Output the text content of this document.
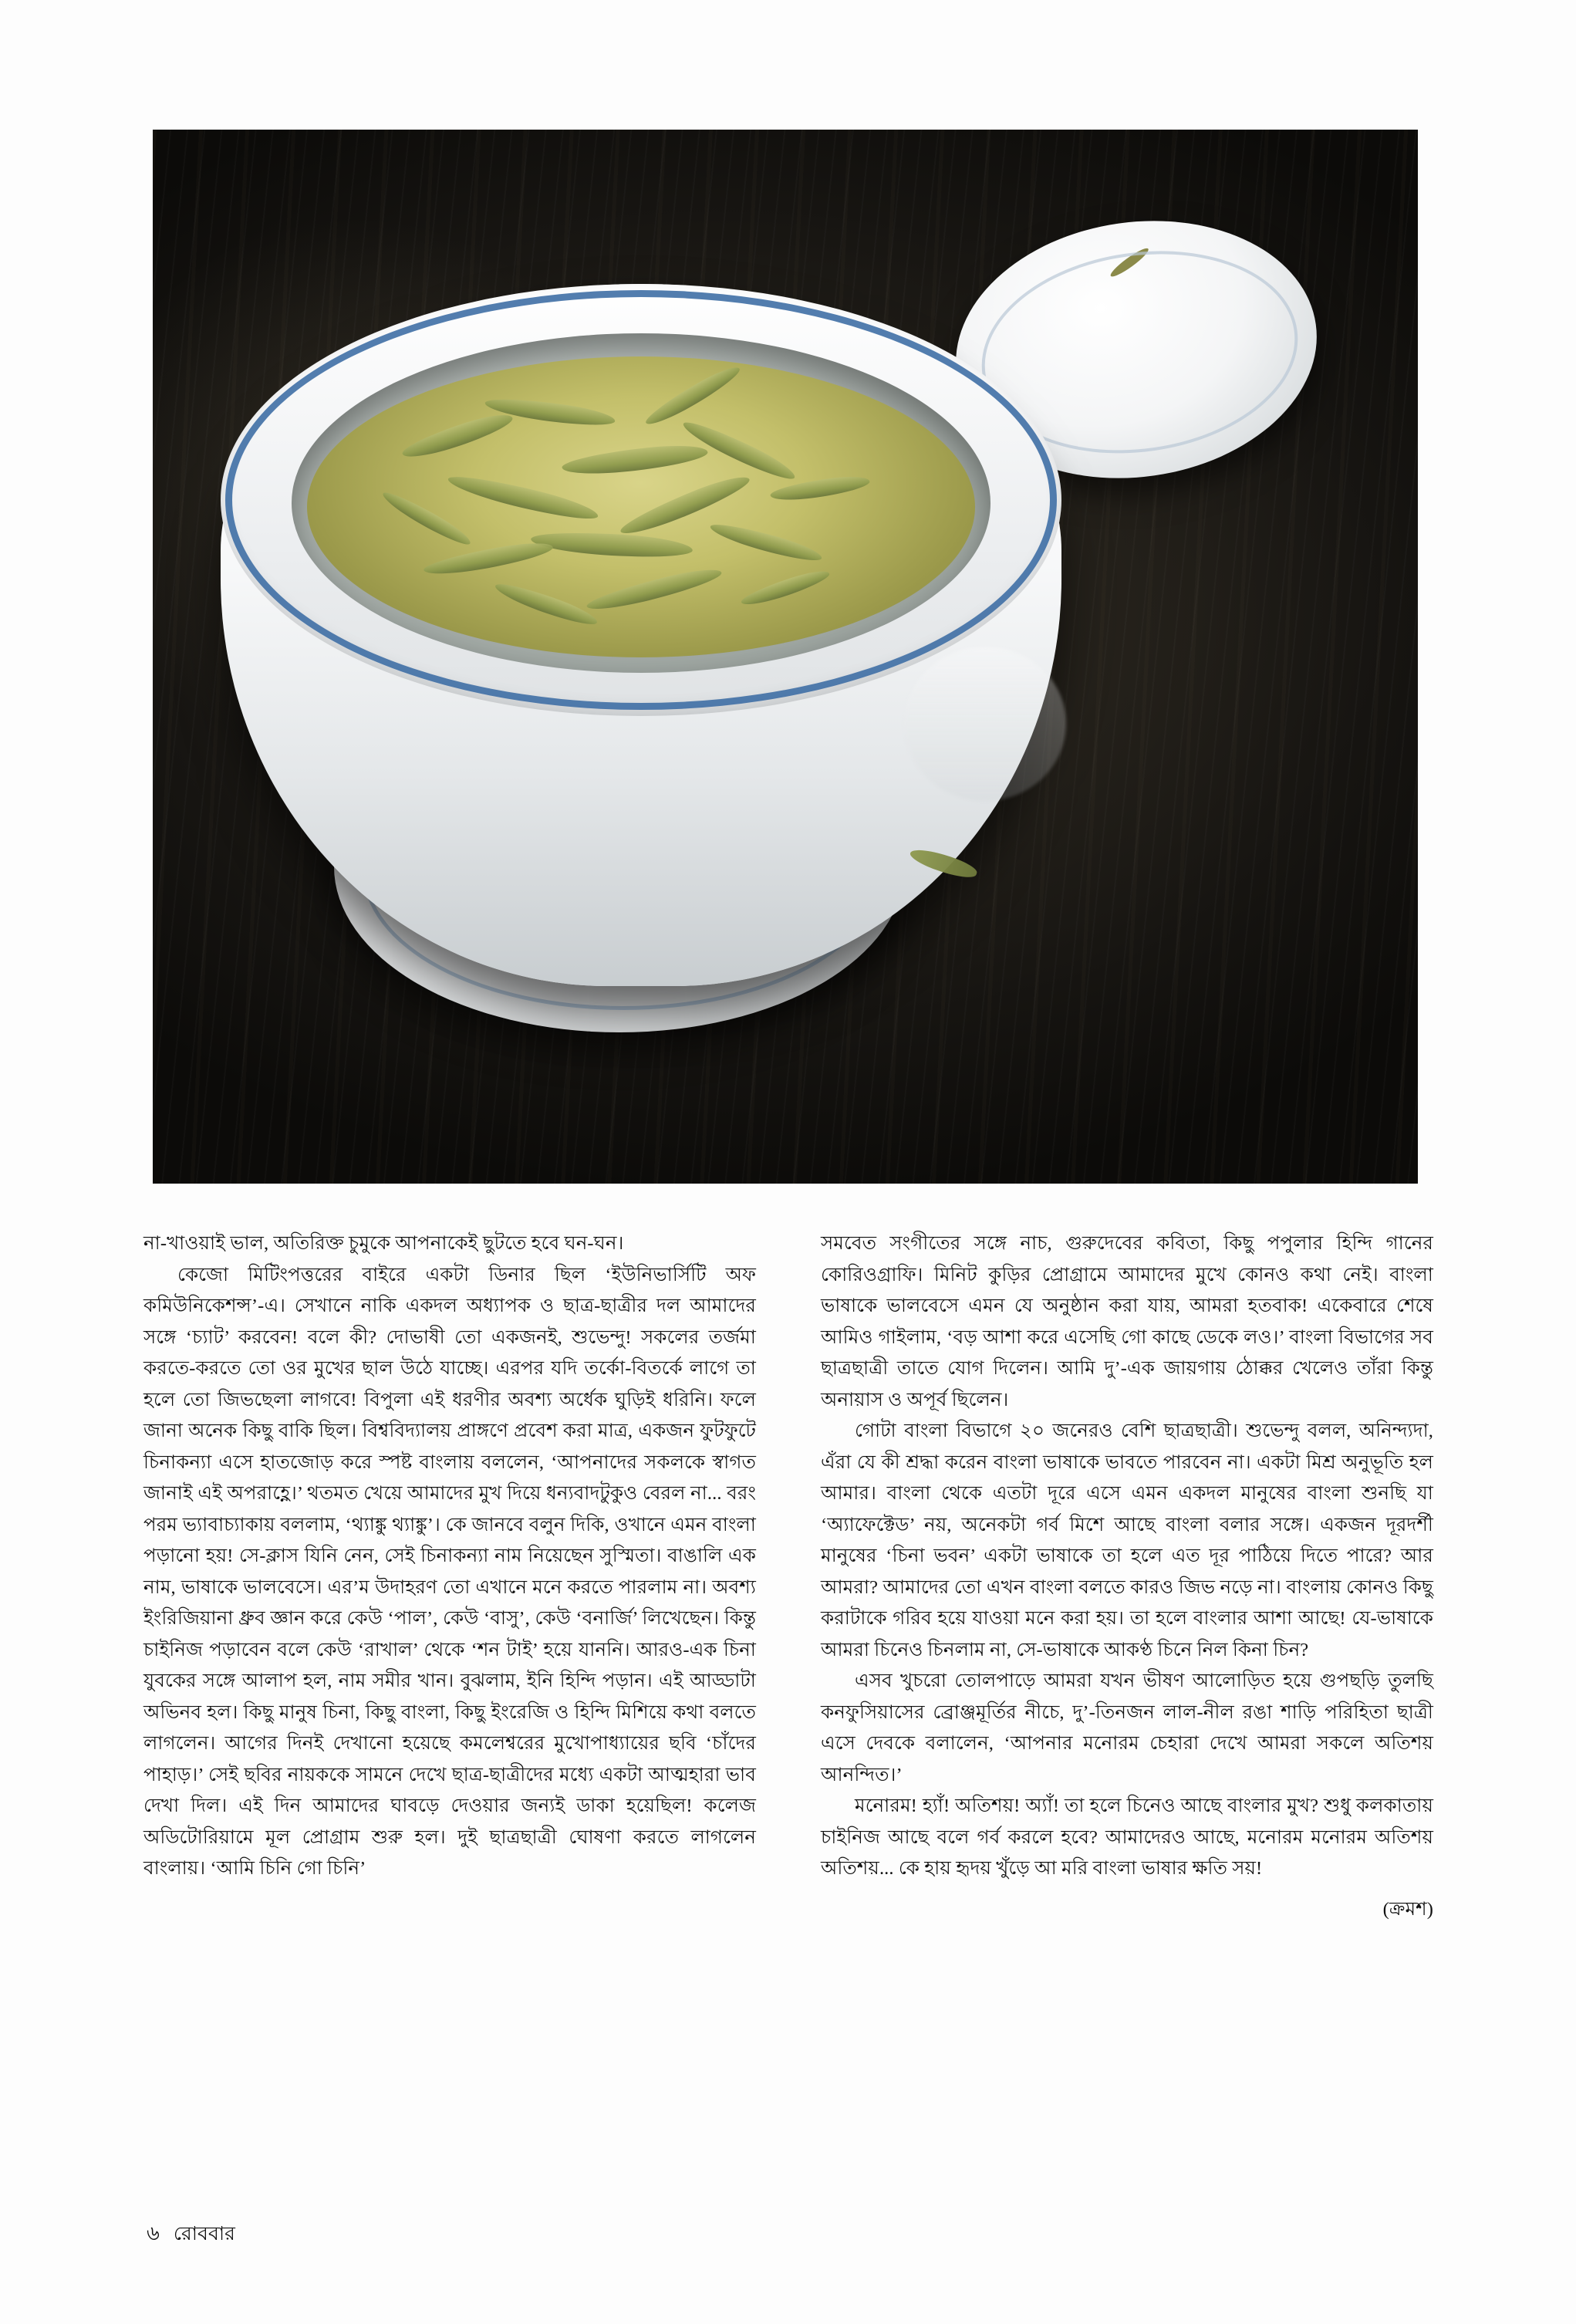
না-খাওয়াই ভাল, অতিরিক্ত চুমুকে আপনাকেই ছুটতে হবে ঘন-ঘন।

কেজো মিটিংপত্তরের বাইরে একটা ডিনার ছিল ‘ইউনিভার্সিটি অফ কমিউনিকেশন্স’-এ। সেখানে নাকি একদল অধ্যাপক ও ছাত্র-ছাত্রীর দল আমাদের সঙ্গে ‘চ্যাট’ করবেন! বলে কী? দোভাষী তো একজনই, শুভেন্দু! সকলের তর্জমা করতে-করতে তো ওর মুখের ছাল উঠে যাচ্ছে। এরপর যদি তর্কো-বিতর্কে লাগে তা হলে তো জিভছেলা লাগবে! বিপুলা এই ধরণীর অবশ্য অর্ধেক ঘুড়িই ধরিনি। ফলে জানা অনেক কিছু বাকি ছিল। বিশ্ববিদ্যালয় প্রাঙ্গণে প্রবেশ করা মাত্র, একজন ফুটফুটে চিনাকন্যা এসে হাতজোড় করে স্পষ্ট বাংলায় বললেন, ‘আপনাদের সকলকে স্বাগত জানাই এই অপরাহ্ণে।’ থতমত খেয়ে আমাদের মুখ দিয়ে ধন্যবাদটুকুও বেরল না... বরং পরম ভ্যাবাচ্যাকায় বললাম, ‘থ্যাঙ্কু থ্যাঙ্কু’। কে জানবে বলুন দিকি, ওখানে এমন বাংলা পড়ানো হয়! সে-ক্লাস যিনি নেন, সেই চিনাকন্যা নাম নিয়েছেন সুস্মিতা। বাঙালি এক নাম, ভাষাকে ভালবেসে। এর’ম উদাহরণ তো এখানে মনে করতে পারলাম না। অবশ্য ইংরিজিয়ানা ধ্রুব জ্ঞান করে কেউ ‘পাল’, কেউ ‘বাসু’, কেউ ‘বনার্জি’ লিখেছেন। কিন্তু চাইনিজ পড়াবেন বলে কেউ ‘রাখাল’ থেকে ‘শন টাই’ হয়ে যাননি। আরও-এক চিনা যুবকের সঙ্গে আলাপ হল, নাম সমীর খান। বুঝলাম, ইনি হিন্দি পড়ান। এই আড্ডাটা অভিনব হল। কিছু মানুষ চিনা, কিছু বাংলা, কিছু ইংরেজি ও হিন্দি মিশিয়ে কথা বলতে লাগলেন। আগের দিনই দেখানো হয়েছে কমলেশ্বরের মুখোপাধ্যায়ের ছবি ‘চাঁদের পাহাড়।’ সেই ছবির নায়ককে সামনে দেখে ছাত্র-ছাত্রীদের মধ্যে একটা আত্মহারা ভাব দেখা দিল। এই দিন আমাদের ঘাবড়ে দেওয়ার জন্যই ডাকা হয়েছিল! কলেজ অডিটোরিয়ামে মূল প্রোগ্রাম শুরু হল। দুই ছাত্রছাত্রী ঘোষণা করতে লাগলেন বাংলায়। ‘আমি চিনি গো চিনি’

সমবেত সংগীতের সঙ্গে নাচ, গুরুদেবের কবিতা, কিছু পপুলার হিন্দি গানের কোরিওগ্রাফি। মিনিট কুড়ির প্রোগ্রামে আমাদের মুখে কোনও কথা নেই। বাংলা ভাষাকে ভালবেসে এমন যে অনুষ্ঠান করা যায়, আমরা হতবাক! একেবারে শেষে আমিও গাইলাম, ‘বড় আশা করে এসেছি গো কাছে ডেকে লও।’ বাংলা বিভাগের সব ছাত্রছাত্রী তাতে যোগ দিলেন। আমি দু’-এক জায়গায় ঠোক্কর খেলেও তাঁরা কিন্তু অনায়াস ও অপূর্ব ছিলেন।

গোটা বাংলা বিভাগে ২০ জনেরও বেশি ছাত্রছাত্রী। শুভেন্দু বলল, অনিন্দ্যদা, এঁরা যে কী শ্রদ্ধা করেন বাংলা ভাষাকে ভাবতে পারবেন না। একটা মিশ্র অনুভূতি হল আমার। বাংলা থেকে এতটা দূরে এসে এমন একদল মানুষের বাংলা শুনছি যা ‘অ্যাফেক্টেড’ নয়, অনেকটা গর্ব মিশে আছে বাংলা বলার সঙ্গে। একজন দূরদর্শী মানুষের ‘চিনা ভবন’ একটা ভাষাকে তা হলে এত দূর পাঠিয়ে দিতে পারে? আর আমরা? আমাদের তো এখন বাংলা বলতে কারও জিভ নড়ে না। বাংলায় কোনও কিছু করাটাকে গরিব হয়ে যাওয়া মনে করা হয়। তা হলে বাংলার আশা আছে! যে-ভাষাকে আমরা চিনেও চিনলাম না, সে-ভাষাকে আকণ্ঠ চিনে নিল কিনা চিন?

এসব খুচরো তোলপাড়ে আমরা যখন ভীষণ আলোড়িত হয়ে গুপছড়ি তুলছি কনফুসিয়াসের ব্রোঞ্জমূর্তির নীচে, দু’-তিনজন লাল-নীল রঙা শাড়ি পরিহিতা ছাত্রী এসে দেবকে বলালেন, ‘আপনার মনোরম চেহারা দেখে আমরা সকলে অতিশয় আনন্দিত।’

মনোরম! হ্যাঁ! অতিশয়! অ্যাঁ! তা হলে চিনেও আছে বাংলার মুখ? শুধু কলকাতায় চাইনিজ আছে বলে গর্ব করলে হবে? আমাদেরও আছে, মনোরম মনোরম অতিশয় অতিশয়... কে হায় হৃদয় খুঁড়ে আ মরি বাংলা ভাষার ক্ষতি সয়!

(ক্রমশ)

৬ রোববার
